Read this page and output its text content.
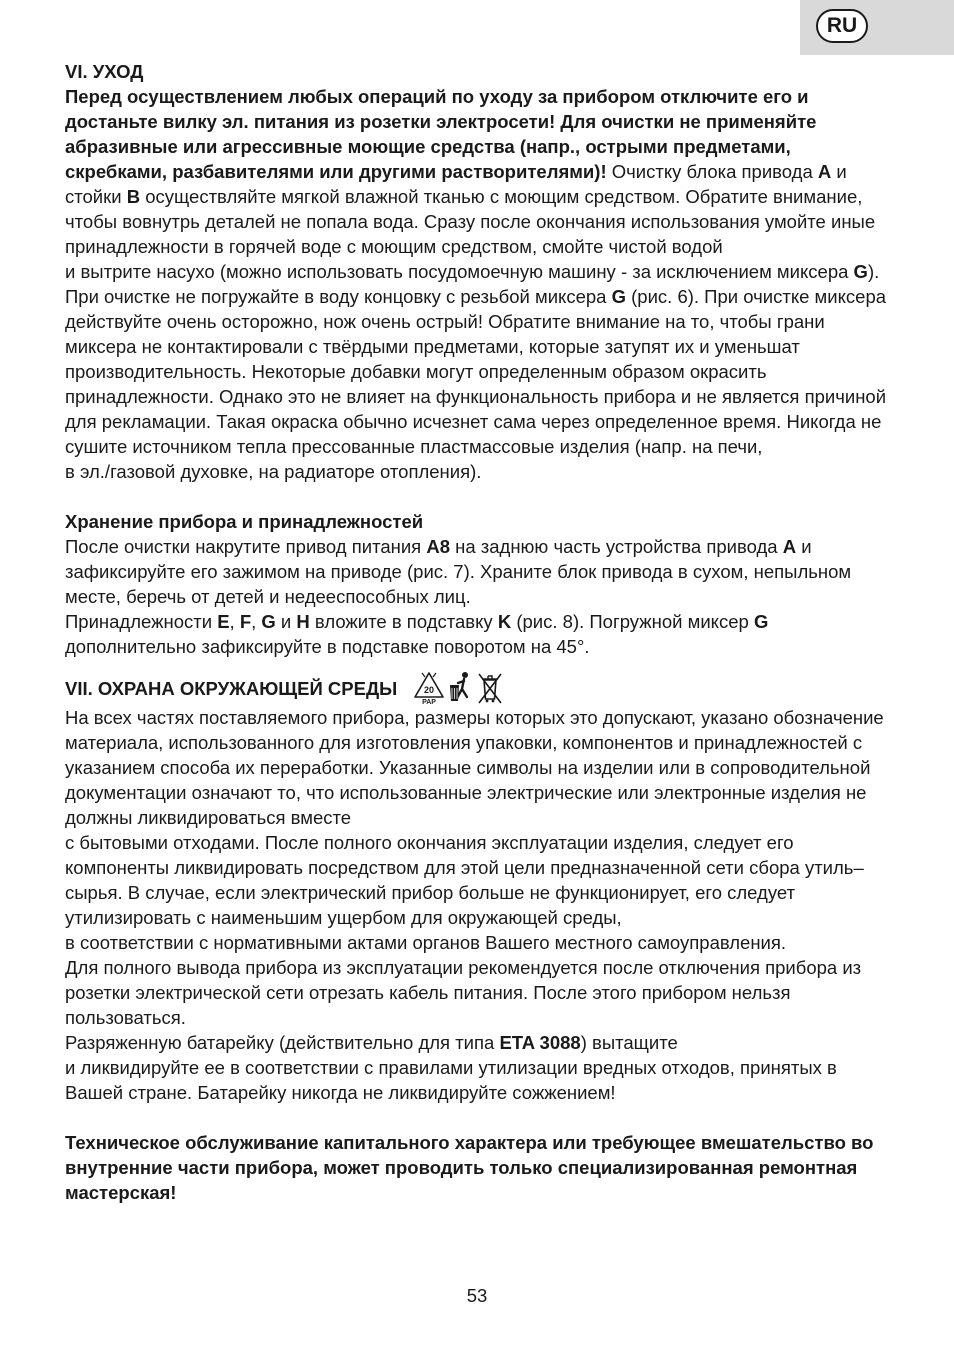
RU

VI. УХОД

Перед осуществлением любых операций по уходу за прибором отключите его и достаньте вилку эл. питания из розетки электросети! Для очистки не применяйте абразивные или агрессивные моющие средства (напр., острыми предметами, скребками, разбавителями или другими растворителями)! Очистку блока привода A и стойки B осуществляйте мягкой влажной тканью с моющим средством. Обратите внимание, чтобы вовнутрь деталей не попала вода. Сразу после окончания использования умойте иные принадлежности в горячей воде с моющим средством, смойте чистой водой

и вытрите насухо (можно использовать посудомоечную машину - за исключением миксера G). При очистке не погружайте в воду концовку с резьбой миксера G (рис. 6). При очистке миксера действуйте очень осторожно, нож очень острый! Обратите внимание на то, чтобы грани миксера не контактировали с твёрдыми предметами, которые затупят их и уменьшат производительность. Некоторые добавки могут определенным образом окрасить принадлежности. Однако это не влияет на функциональность прибора и не является причиной для рекламации. Такая окраска обычно исчезнет сама через определенное время. Никогда не сушите источником тепла прессованные пластмассовые изделия (напр. на печи,

в эл./газовой духовке, на радиаторе отопления).

Хранение прибора и принадлежностей

После очистки накрутите привод питания A8 на заднюю часть устройства привода A и зафиксируйте его зажимом на приводе (рис. 7). Храните блок привода в сухом, непыльном месте, беречь от детей и недееспособных лиц.

Принадлежности E, F, G и H вложите в подставку K (рис. 8). Погружной миксер G дополнительно зафиксируйте в подставке поворотом на 45°.

VII. ОХРАНА ОКРУЖАЮЩЕЙ СРЕДЫ	20
PAP

На всех частях поставляемого прибора, размеры которых это допускают, указано обозначение материала, использованного для изготовления упаковки, компонентов и принадлежностей с указанием способа их переработки. Указанные символы на изделии или в сопроводительной документации означают то, что использованные электрические или электронные изделия не должны ликвидироваться вместе

с бытовыми отходами. После полного окончания эксплуатации изделия, следует его компоненты ликвидировать посредством для этой цели предназначенной сети сбора утиль–сырья. В случае, если электрический прибор больше не функционирует, его следует утилизировать с наименьшим ущербом для окружающей среды,

в соответствии с нормативными актами органов Вашего местного самоуправления.

Для полного вывода прибора из эксплуатации рекомендуется после отключения прибора из розетки электрической сети отрезать кабель питания. После этого прибором нельзя пользоваться.

Разряженную батарейку (действительно для типа ETA 3088) вытащите

и ликвидируйте ее в соответствии с правилами утилизации вредных отходов, принятых в Вашей стране. Батарейку никогда не ликвидируйте сожжением!

Техническое обслуживание капитального характера или требующее вмешательство во внутренние части прибора, может проводить только специализированная ремонтная мастерская!

53
